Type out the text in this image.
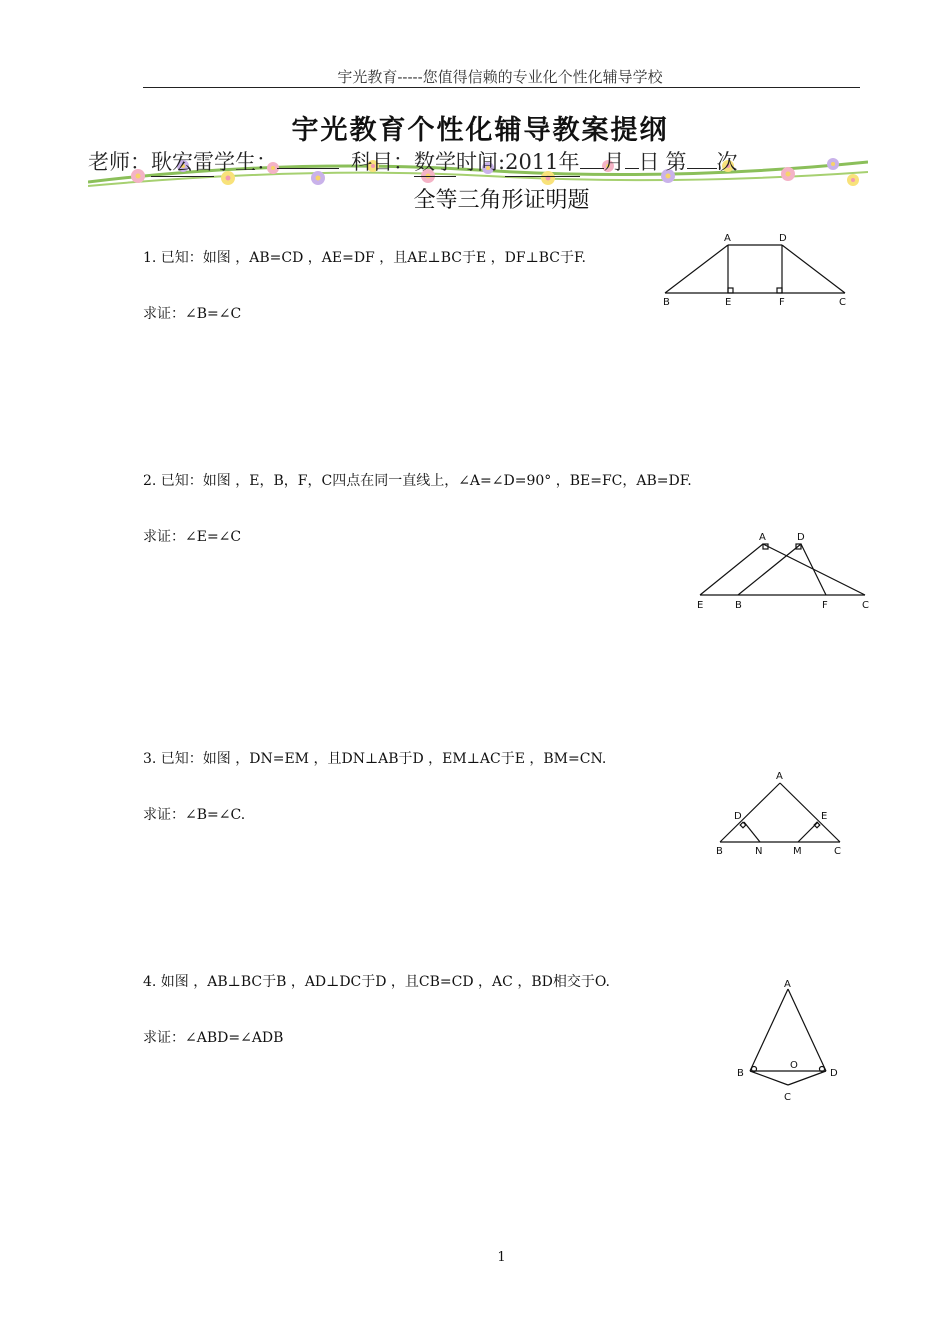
宇光教育-----您值得信赖的专业化个性化辅导学校
宇光教育个性化辅导教案提纲
老师：耿宏雷学生：	科目：数学时间:2011年 月 日 第 次
全等三角形证明题
1. 已知：如图 ，AB=CD ，AE=DF ，且AE⊥BC于E ，DF⊥BC于F.
求证：∠B=∠C
A	D
B	E	F	C
2. 已知：如图 ，E，B，F，C四点在同一直线上，∠A=∠D=90° ，BE=FC，AB=DF.
求证：∠E=∠C	A	D
E	B	F	C
3. 已知：如图 ，DN=EM ，且DN⊥AB于D ，EM⊥AC于E ，BM=CN.
求证：∠B=∠C.
A
D	E
B	N	M	C
4. 如图 ，AB⊥BC于B ，AD⊥DC于D ，且CB=CD ，AC ，BD相交于O.
求证：∠ABD=∠ADB
A
O
B	D
C
1
